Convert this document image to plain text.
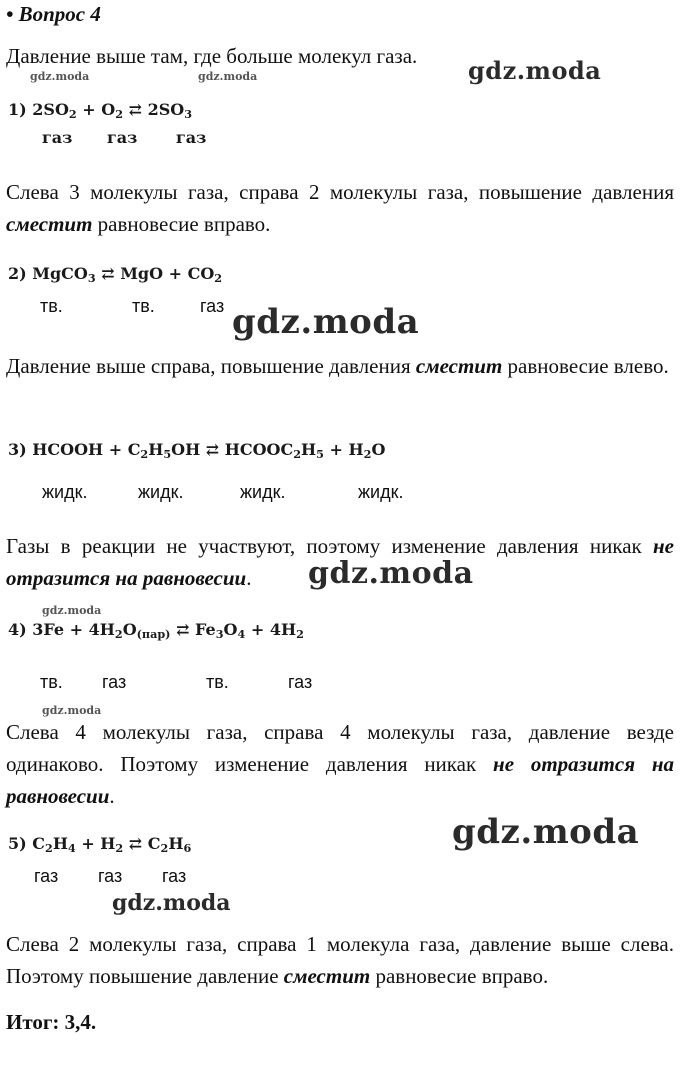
• Вопрос 4
Давление выше там, где больше молекул газа. gdz.moda
gdz.moda	gdz.moda
1) $2SO_2 + O_2$ ⇄ $2SO_3$
газ газ газ
Слева 3 молекулы газа, справа 2 молекулы газа, повышение давления сместит равновесие вправо.
2) MgCO$_3$ ⇄ MgO + $CO_2$
тв.	тв.	газ gdz.moda
Давление выше справа, повышение давления сместит равновесие влево.
3) HCOOH + $C_2H_5OH$ ⇄ $HCOOC_2H_5 + H_2O$
жидк.	жидк.	жидк.	жидк.
Газы в реакции не участвуют, поэтому изменение давления никак не отразится на равновесии.	gdz.moda
gdz.moda
4) $3Fe + 4H_2O_{(пар)}$ ⇄ $Fe_3O_4 + 4H_2$
тв. газ	тв.	газ
gdz.moda
Слева 4 молекулы газа, справа 4 молекулы газа, давление везде одинаково. Поэтому изменение давления никак не отразится на равновесии.
gdz.moda
5) $C_2H_4 + H_2$ ⇄ $C_2H_6$
газ газ газ
gdz.moda
Слева 2 молекулы газа, справа 1 молекула газа, давление выше слева. Поэтому повышение давление сместит равновесие вправо.
Итог: 3,4.
